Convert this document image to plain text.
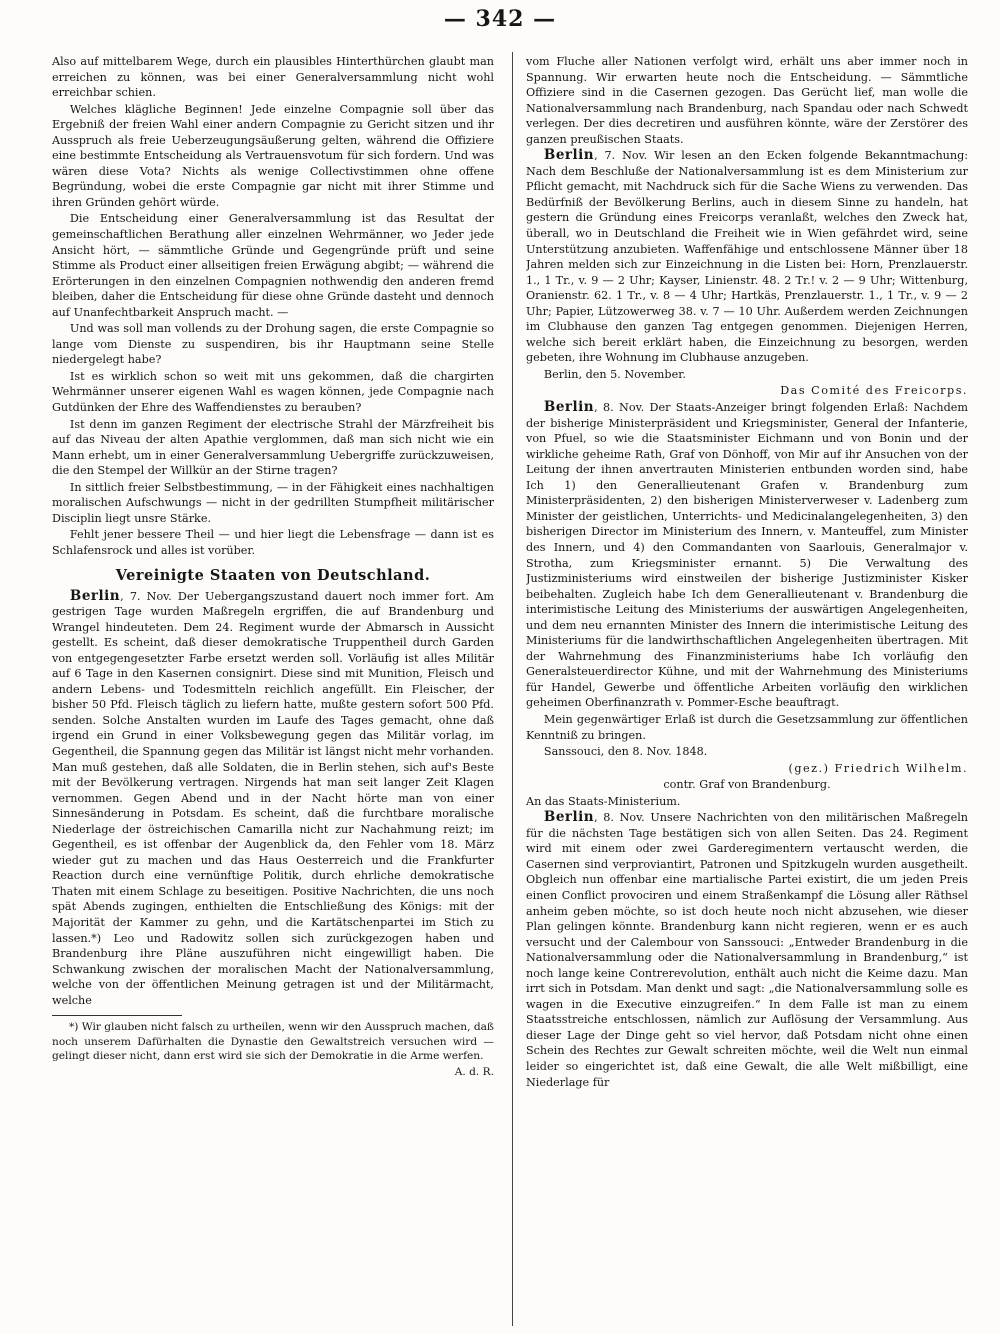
— 342 —

Also auf mittelbarem Wege, durch ein plausibles Hinterthürchen glaubt man erreichen zu können, was bei einer Generalversammlung nicht wohl erreichbar schien.

Welches klägliche Beginnen! Jede einzelne Compagnie soll über das Ergebniß der freien Wahl einer andern Compagnie zu Gericht sitzen und ihr Ausspruch als freie Ueberzeugungsäußerung gelten, während die Offiziere eine bestimmte Entscheidung als Vertrauensvotum für sich fordern. Und was wären diese Vota? Nichts als wenige Collectivstimmen ohne offene Begründung, wobei die erste Compagnie gar nicht mit ihrer Stimme und ihren Gründen gehört würde.

Die Entscheidung einer Generalversammlung ist das Resultat der gemeinschaftlichen Berathung aller einzelnen Wehrmänner, wo Jeder jede Ansicht hört, — sämmtliche Gründe und Gegengründe prüft und seine Stimme als Product einer allseitigen freien Erwägung abgibt; — während die Erörterungen in den einzelnen Compagnien nothwendig den anderen fremd bleiben, daher die Entscheidung für diese ohne Gründe dasteht und dennoch auf Unanfechtbarkeit Anspruch macht. —

Und was soll man vollends zu der Drohung sagen, die erste Compagnie so lange vom Dienste zu suspendiren, bis ihr Hauptmann seine Stelle niedergelegt habe?

Ist es wirklich schon so weit mit uns gekommen, daß die chargirten Wehrmänner unserer eigenen Wahl es wagen können, jede Compagnie nach Gutdünken der Ehre des Waffendienstes zu berauben?

Ist denn im ganzen Regiment der electrische Strahl der Märzfreiheit bis auf das Niveau der alten Apathie verglommen, daß man sich nicht wie ein Mann erhebt, um in einer Generalversammlung Uebergriffe zurückzuweisen, die den Stempel der Willkür an der Stirne tragen?

In sittlich freier Selbstbestimmung, — in der Fähigkeit eines nachhaltigen moralischen Aufschwungs — nicht in der gedrillten Stumpfheit militärischer Disciplin liegt unsre Stärke.

Fehlt jener bessere Theil — und hier liegt die Lebensfrage — dann ist es Schlafensrock und alles ist vorüber.

Vereinigte Staaten von Deutschland.

Berlin, 7. Nov. Der Uebergangszustand dauert noch immer fort. Am gestrigen Tage wurden Maßregeln ergriffen, die auf Brandenburg und Wrangel hindeuteten. Dem 24. Regiment wurde der Abmarsch in Aussicht gestellt. Es scheint, daß dieser demokratische Truppentheil durch Garden von entgegengesetzter Farbe ersetzt werden soll. Vorläufig ist alles Militär auf 6 Tage in den Kasernen consignirt. Diese sind mit Munition, Fleisch und andern Lebens- und Todesmitteln reichlich angefüllt. Ein Fleischer, der bisher 50 Pfd. Fleisch täglich zu liefern hatte, mußte gestern sofort 500 Pfd. senden. Solche Anstalten wurden im Laufe des Tages gemacht, ohne daß irgend ein Grund in einer Volksbewegung gegen das Militär vorlag, im Gegentheil, die Spannung gegen das Militär ist längst nicht mehr vorhanden. Man muß gestehen, daß alle Soldaten, die in Berlin stehen, sich auf's Beste mit der Bevölkerung vertragen. Nirgends hat man seit langer Zeit Klagen vernommen. Gegen Abend und in der Nacht hörte man von einer Sinnesänderung in Potsdam. Es scheint, daß die furchtbare moralische Niederlage der östreichischen Camarilla nicht zur Nachahmung reizt; im Gegentheil, es ist offenbar der Augenblick da, den Fehler vom 18. März wieder gut zu machen und das Haus Oesterreich und die Frankfurter Reaction durch eine vernünftige Politik, durch ehrliche demokratische Thaten mit einem Schlage zu beseitigen. Positive Nachrichten, die uns noch spät Abends zugingen, enthielten die Entschließung des Königs: mit der Majorität der Kammer zu gehn, und die Kartätschenpartei im Stich zu lassen.*) Leo und Radowitz sollen sich zurückgezogen haben und Brandenburg ihre Pläne auszuführen nicht eingewilligt haben. Die Schwankung zwischen der moralischen Macht der Nationalversammlung, welche von der öffentlichen Meinung getragen ist und der Militärmacht, welche

*) Wir glauben nicht falsch zu urtheilen, wenn wir den Ausspruch machen, daß noch unserem Dafürhalten die Dynastie den Gewaltstreich versuchen wird — gelingt dieser nicht, dann erst wird sie sich der Demokratie in die Arme werfen.

A. d. R.

vom Fluche aller Nationen verfolgt wird, erhält uns aber immer noch in Spannung. Wir erwarten heute noch die Entscheidung. — Sämmtliche Offiziere sind in die Casernen gezogen. Das Gerücht lief, man wolle die Nationalversammlung nach Brandenburg, nach Spandau oder nach Schwedt verlegen. Der dies decretiren und ausführen könnte, wäre der Zerstörer des ganzen preußischen Staats.

Berlin, 7. Nov. Wir lesen an den Ecken folgende Bekanntmachung: Nach dem Beschluße der Nationalversammlung ist es dem Ministerium zur Pflicht gemacht, mit Nachdruck sich für die Sache Wiens zu verwenden. Das Bedürfniß der Bevölkerung Berlins, auch in diesem Sinne zu handeln, hat gestern die Gründung eines Freicorps veranlaßt, welches den Zweck hat, überall, wo in Deutschland die Freiheit wie in Wien gefährdet wird, seine Unterstützung anzubieten. Waffenfähige und entschlossene Männer über 18 Jahren melden sich zur Einzeichnung in die Listen bei: Horn, Prenzlauerstr. 1., 1 Tr., v. 9 — 2 Uhr; Kayser, Linienstr. 48. 2 Tr.! v. 2 — 9 Uhr; Wittenburg, Oranienstr. 62. 1 Tr., v. 8 — 4 Uhr; Hartkäs, Prenzlauerstr. 1., 1 Tr., v. 9 — 2 Uhr; Papier, Lützowerweg 38. v. 7 — 10 Uhr. Außerdem werden Zeichnungen im Clubhause den ganzen Tag entgegen genommen. Diejenigen Herren, welche sich bereit erklärt haben, die Einzeichnung zu besorgen, werden gebeten, ihre Wohnung im Clubhause anzugeben.

Berlin, den 5. November.

Das Comité des Freicorps.

Berlin, 8. Nov. Der Staats-Anzeiger bringt folgenden Erlaß: Nachdem der bisherige Ministerpräsident und Kriegsminister, General der Infanterie, von Pfuel, so wie die Staatsminister Eichmann und von Bonin und der wirkliche geheime Rath, Graf von Dönhoff, von Mir auf ihr Ansuchen von der Leitung der ihnen anvertrauten Ministerien entbunden worden sind, habe Ich 1) den Generallieutenant Grafen v. Brandenburg zum Ministerpräsidenten, 2) den bisherigen Ministerverweser v. Ladenberg zum Minister der geistlichen, Unterrichts- und Medicinalangelegenheiten, 3) den bisherigen Director im Ministerium des Innern, v. Manteuffel, zum Minister des Innern, und 4) den Commandanten von Saarlouis, Generalmajor v. Strotha, zum Kriegsminister ernannt. 5) Die Verwaltung des Justizministeriums wird einstweilen der bisherige Justizminister Kisker beibehalten. Zugleich habe Ich dem Generallieutenant v. Brandenburg die interimistische Leitung des Ministeriums der auswärtigen Angelegenheiten, und dem neu ernannten Minister des Innern die interimistische Leitung des Ministeriums für die landwirthschaftlichen Angelegenheiten übertragen. Mit der Wahrnehmung des Finanzministeriums habe Ich vorläufig den Generalsteuerdirector Kühne, und mit der Wahrnehmung des Ministeriums für Handel, Gewerbe und öffentliche Arbeiten vorläufig den wirklichen geheimen Oberfinanzrath v. Pommer-Esche beauftragt.

Mein gegenwärtiger Erlaß ist durch die Gesetzsammlung zur öffentlichen Kenntniß zu bringen.

Sanssouci, den 8. Nov. 1848.

(gez.) Friedrich Wilhelm.

contr. Graf von Brandenburg.

An das Staats-Ministerium.

Berlin, 8. Nov. Unsere Nachrichten von den militärischen Maßregeln für die nächsten Tage bestätigen sich von allen Seiten. Das 24. Regiment wird mit einem oder zwei Garderegimentern vertauscht werden, die Casernen sind verproviantirt, Patronen und Spitzkugeln wurden ausgetheilt. Obgleich nun offenbar eine martialische Partei existirt, die um jeden Preis einen Conflict provociren und einem Straßenkampf die Lösung aller Räthsel anheim geben möchte, so ist doch heute noch nicht abzusehen, wie dieser Plan gelingen könnte. Brandenburg kann nicht regieren, wenn er es auch versucht und der Calembour von Sanssouci: „Entweder Brandenburg in die Nationalversammlung oder die Nationalversammlung in Brandenburg,“ ist noch lange keine Contrerevolution, enthält auch nicht die Keime dazu. Man irrt sich in Potsdam. Man denkt und sagt: „die Nationalversammlung solle es wagen in die Executive einzugreifen.“ In dem Falle ist man zu einem Staatsstreiche entschlossen, nämlich zur Auflösung der Versammlung. Aus dieser Lage der Dinge geht so viel hervor, daß Potsdam nicht ohne einen Schein des Rechtes zur Gewalt schreiten möchte, weil die Welt nun einmal leider so eingerichtet ist, daß eine Gewalt, die alle Welt mißbilligt, eine Niederlage für
